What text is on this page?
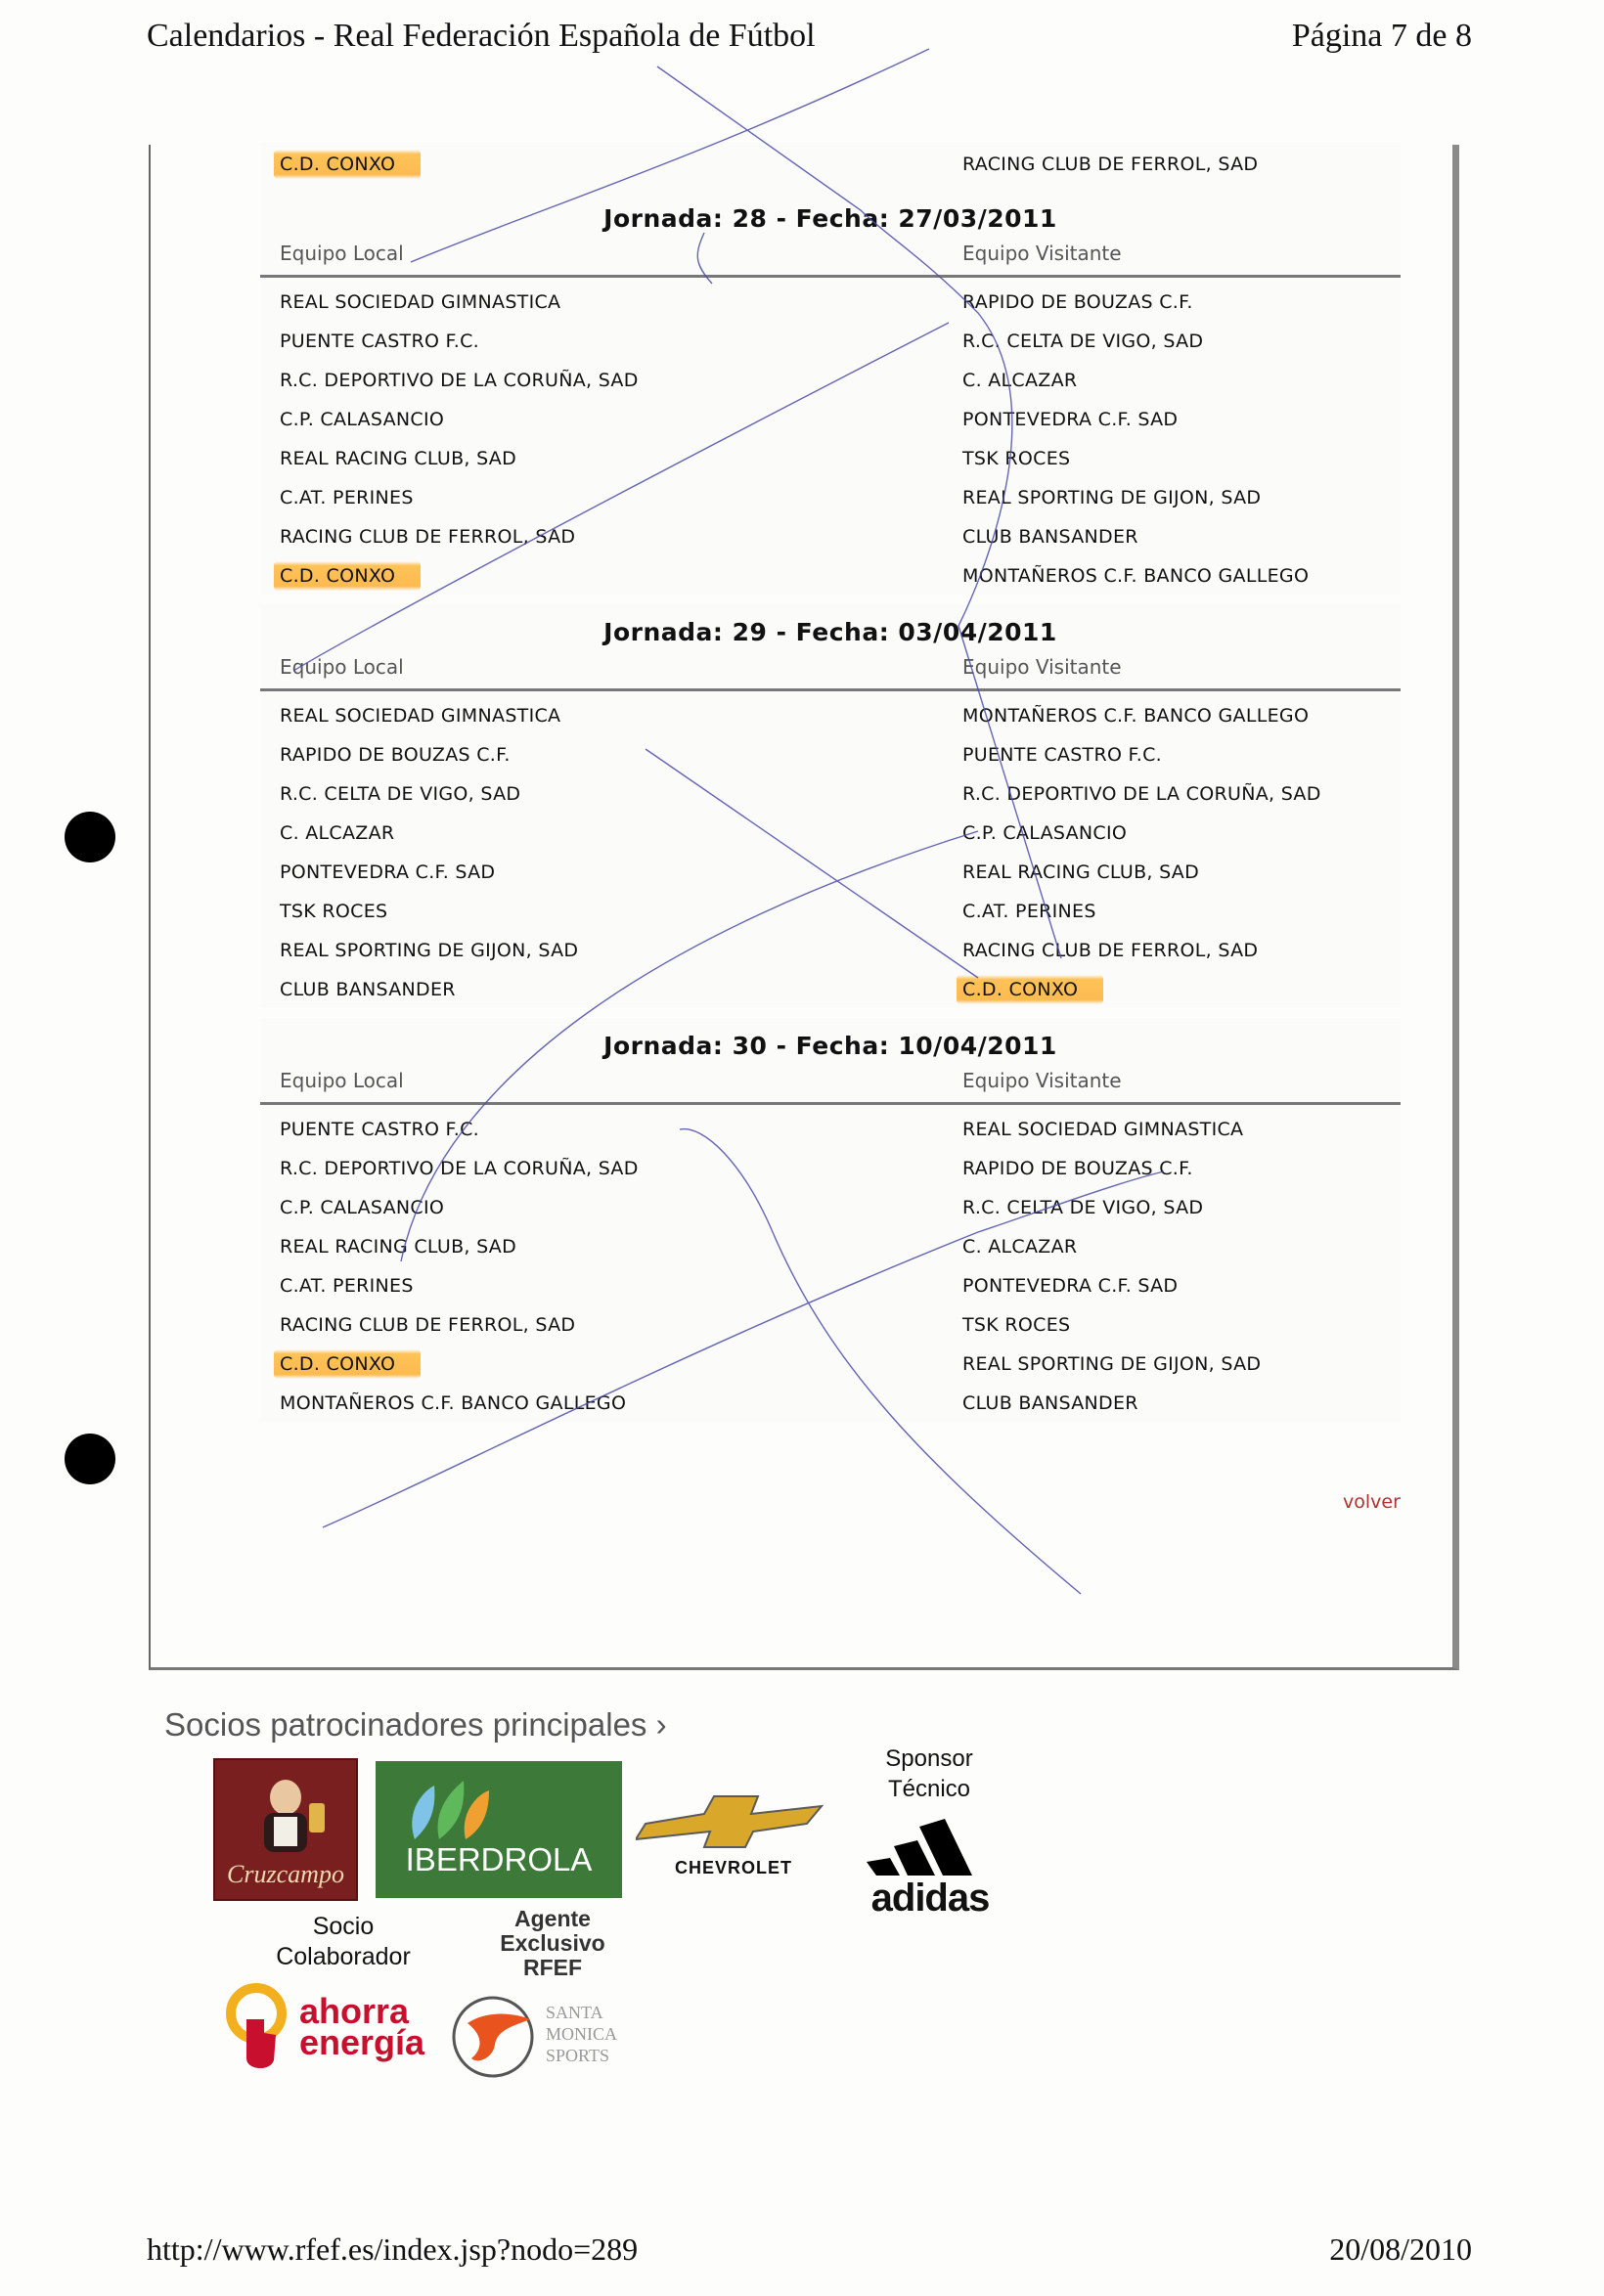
Calendarios - Real Federación Española de Fútbol	Página 7 de 8
C.D. CONXO	RACING CLUB DE FERROL, SAD
Jornada: 28 - Fecha: 27/03/2011
Equipo Local	Equipo Visitante
REAL SOCIEDAD GIMNASTICA	RAPIDO DE BOUZAS C.F.
PUENTE CASTRO F.C.	R.C. CELTA DE VIGO, SAD
R.C. DEPORTIVO DE LA CORUÑA, SAD	C. ALCAZAR
C.P. CALASANCIO	PONTEVEDRA C.F. SAD
REAL RACING CLUB, SAD	TSK ROCES
C.AT. PERINES	REAL SPORTING DE GIJON, SAD
RACING CLUB DE FERROL, SAD	CLUB BANSANDER
C.D. CONXO	MONTAÑEROS C.F. BANCO GALLEGO
Jornada: 29 - Fecha: 03/04/2011
Equipo Local	Equipo Visitante
REAL SOCIEDAD GIMNASTICA	MONTAÑEROS C.F. BANCO GALLEGO
RAPIDO DE BOUZAS C.F.	PUENTE CASTRO F.C.
R.C. CELTA DE VIGO, SAD	R.C. DEPORTIVO DE LA CORUÑA, SAD
C. ALCAZAR	C.P. CALASANCIO
PONTEVEDRA C.F. SAD	REAL RACING CLUB, SAD
TSK ROCES	C.AT. PERINES
REAL SPORTING DE GIJON, SAD	RACING CLUB DE FERROL, SAD
CLUB BANSANDER	C.D. CONXO
Jornada: 30 - Fecha: 10/04/2011
Equipo Local	Equipo Visitante
PUENTE CASTRO F.C.	REAL SOCIEDAD GIMNASTICA
R.C. DEPORTIVO DE LA CORUÑA, SAD	RAPIDO DE BOUZAS C.F.
C.P. CALASANCIO	R.C. CELTA DE VIGO, SAD
REAL RACING CLUB, SAD	C. ALCAZAR
C.AT. PERINES	PONTEVEDRA C.F. SAD
RACING CLUB DE FERROL, SAD	TSK ROCES
C.D. CONXO	REAL SPORTING DE GIJON, SAD
MONTAÑEROS C.F. BANCO GALLEGO	CLUB BANSANDER
volver
Socios patrocinadores principales ›
Cruzcampo	IBERDROLA	CHEVROLET
Sponsor
Técnico
adidas
Socio
Colaborador
Agente
Exclusivo
RFEF
ahorra
energía
SANTA
MONICA
SPORTS
http://www.rfef.es/index.jsp?nodo=289	20/08/2010
